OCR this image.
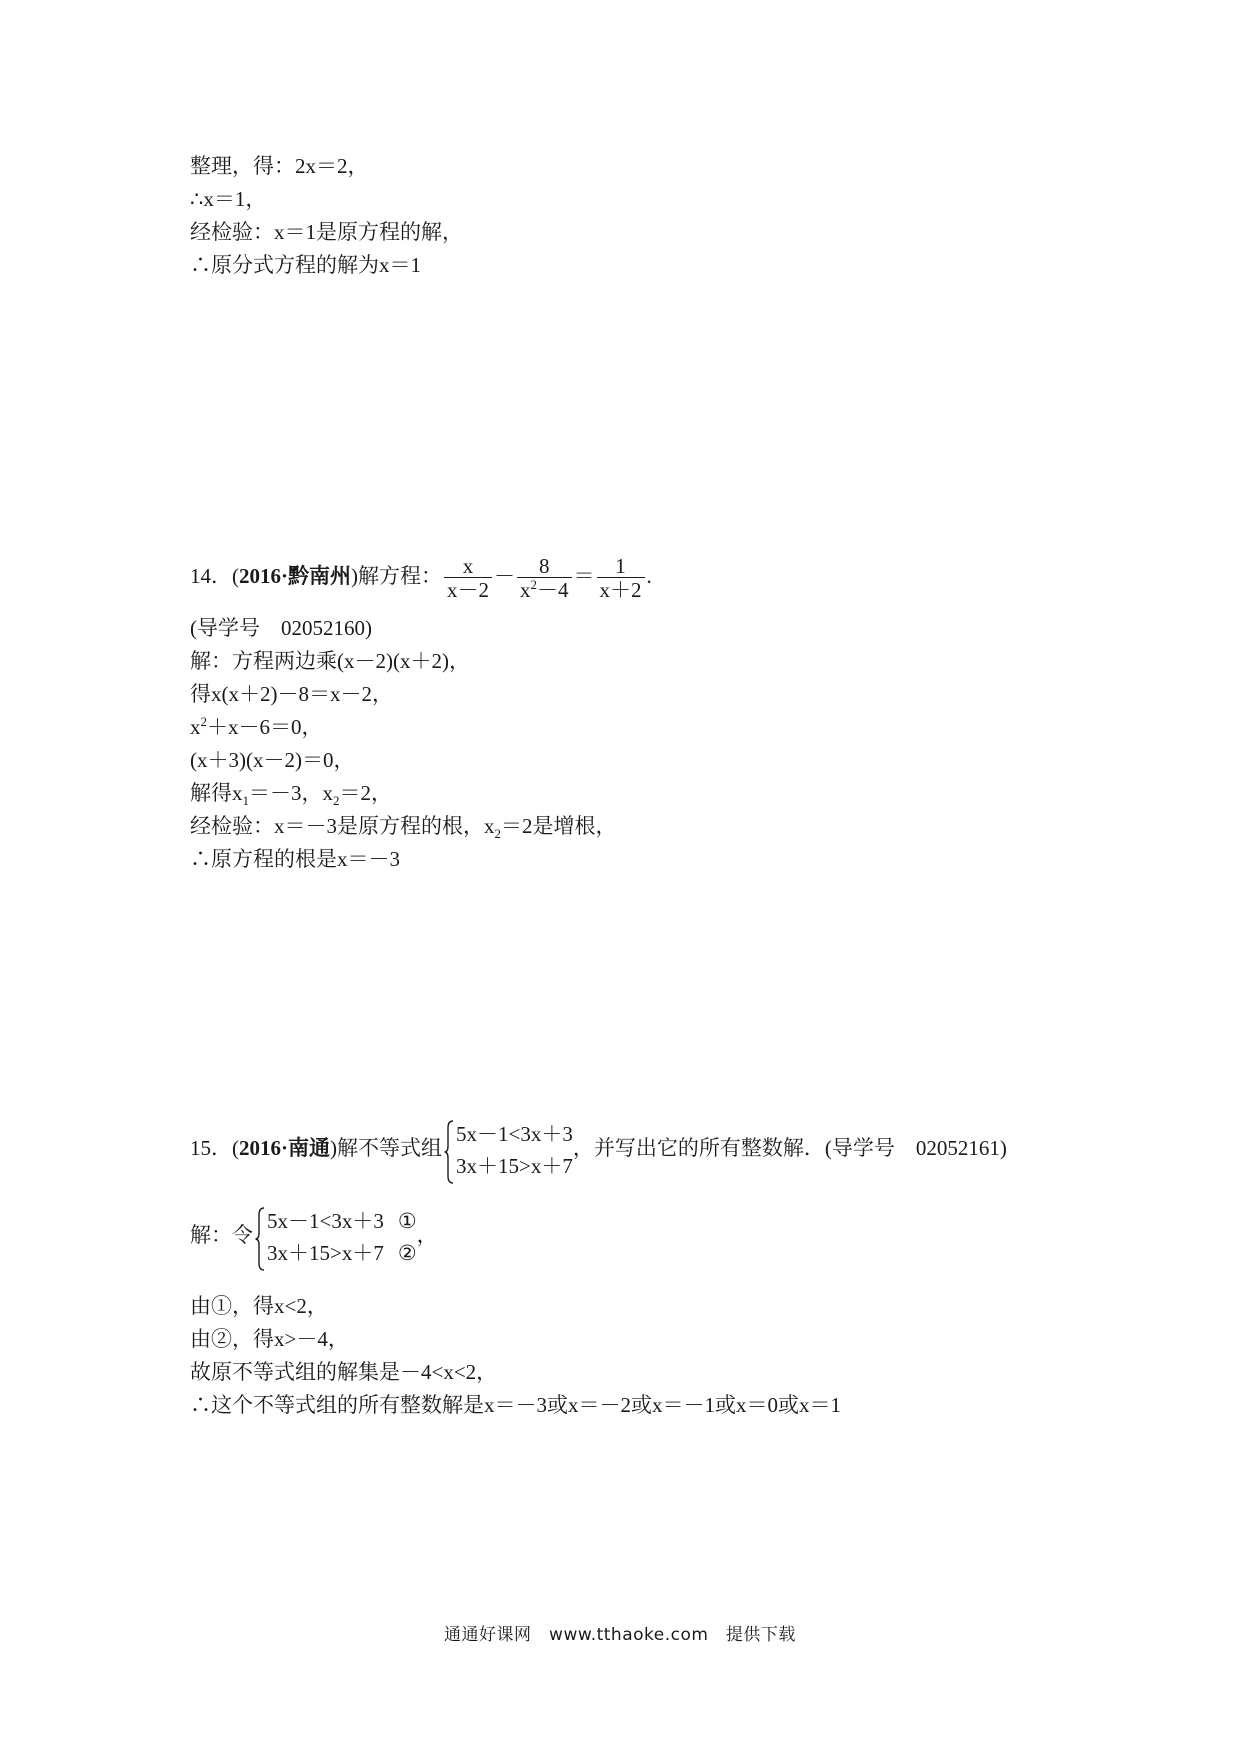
整理，得：2x＝2，
∴x＝1，
经检验：x＝1是原方程的解，
∴原分式方程的解为x＝1
14．(2016·黔南州)解方程： $\frac{x}{x-2} - \frac{8}{x^2-4} = \frac{1}{x+2}$ .
(导学号　02052160)
解：方程两边乘(x－2)(x＋2)，
得x(x＋2)－8＝x－2，
$x^2+x-6=0$，
(x＋3)(x－2)＝0，
解得$x_1=-3$，$x_2=2$，
经检验：x＝－3是原方程的根，$x_2=2$是增根，
∴原方程的根是x＝－3
15．(2016·南通)解不等式组
5x－1<3x＋3
3x＋15>x＋7
，并写出它的所有整数解．(导学号　02052161)
解：令
5x－1<3x＋3 ①
3x＋15>x＋7 ②
，
由①，得x<2，
由②，得x>－4，
故原不等式组的解集是－4<x<2，
∴这个不等式组的所有整数解是x＝－3或x＝－2或x＝－1或x＝0或x＝1
通通好课网　www.tthaoke.com　提供下载
